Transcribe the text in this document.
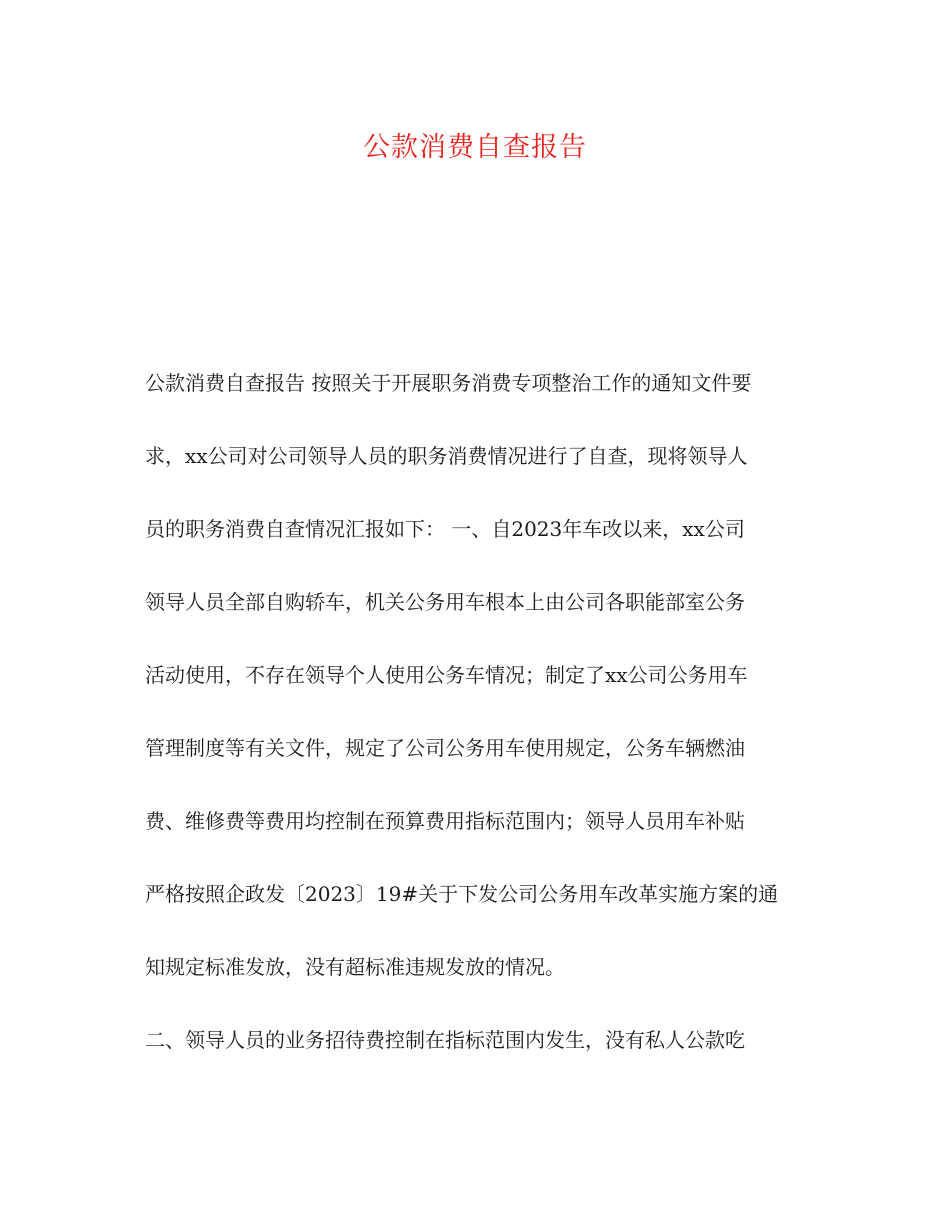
公款消费自查报告
公款消费自查报告 按照关于开展职务消费专项整治工作的通知文件要
求，xx公司对公司领导人员的职务消费情况进行了自查，现将领导人
员的职务消费自查情况汇报如下： 一、自2023年车改以来，xx公司
领导人员全部自购轿车，机关公务用车根本上由公司各职能部室公务
活动使用，不存在领导个人使用公务车情况；制定了xx公司公务用车
管理制度等有关文件，规定了公司公务用车使用规定，公务车辆燃油
费、维修费等费用均控制在预算费用指标范围内；领导人员用车补贴
严格按照企政发〔2023〕19#关于下发公司公务用车改革实施方案的通
知规定标准发放，没有超标准违规发放的情况。
二、领导人员的业务招待费控制在指标范围内发生，没有私人公款吃
